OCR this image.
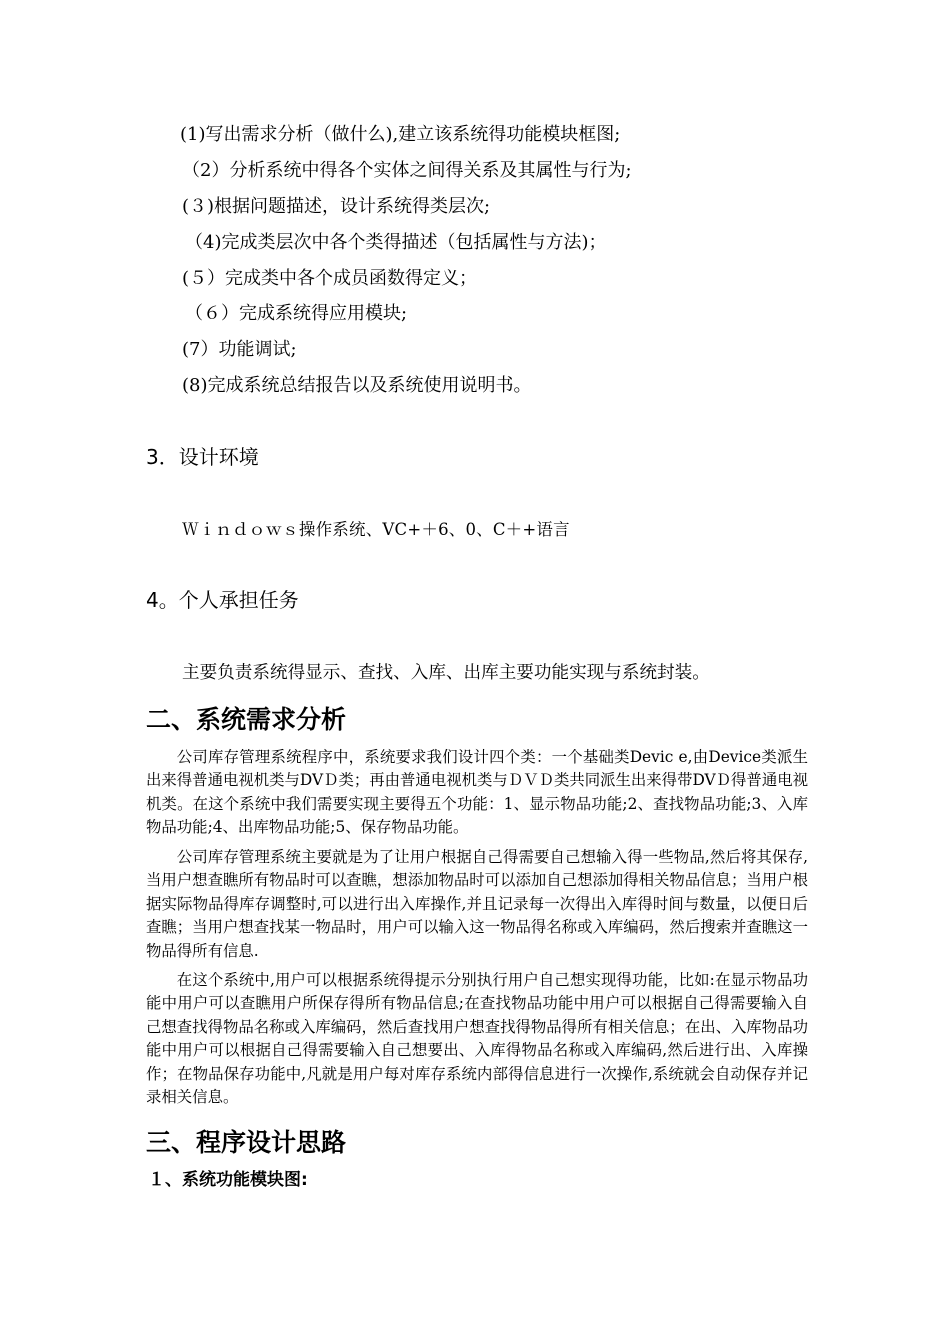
(1)写出需求分析（做什么),建立该系统得功能模块框图;
（2）分析系统中得各个实体之间得关系及其属性与行为;
(３)根据问题描述，设计系统得类层次;
（4)完成类层次中各个类得描述（包括属性与方法)；
(５）完成类中各个成员函数得定义；
（６）完成系统得应用模块;
(7）功能调试;
(8)完成系统总结报告以及系统使用说明书。
3．设计环境
Ｗｉｎｄｏｗｓ操作系统、VC+＋6、0、C＋+语言
4。个人承担任务
主要负责系统得显示、查找、入库、出库主要功能实现与系统封装。
二、系统需求分析
公司库存管理系统程序中，系统要求我们设计四个类：一个基础类Devic e,由Device类派生出来得普通电视机类与DVＤ类；再由普通电视机类与ＤＶＤ类共同派生出来得带DVＤ得普通电视机类。在这个系统中我们需要实现主要得五个功能：1、显示物品功能;2、查找物品功能;3、入库物品功能;4、出库物品功能;5、保存物品功能。
公司库存管理系统主要就是为了让用户根据自己得需要自己想输入得一些物品,然后将其保存,当用户想查瞧所有物品时可以查瞧，想添加物品时可以添加自己想添加得相关物品信息；当用户根据实际物品得库存调整时,可以进行出入库操作,并且记录每一次得出入库得时间与数量，以便日后查瞧；当用户想查找某一物品时，用户可以输入这一物品得名称或入库编码，然后搜索并查瞧这一物品得所有信息.
在这个系统中,用户可以根据系统得提示分别执行用户自己想实现得功能，比如:在显示物品功能中用户可以查瞧用户所保存得所有物品信息;在查找物品功能中用户可以根据自己得需要输入自己想查找得物品名称或入库编码，然后查找用户想查找得物品得所有相关信息；在出、入库物品功能中用户可以根据自己得需要输入自己想要出、入库得物品名称或入库编码,然后进行出、入库操作；在物品保存功能中,凡就是用户每对库存系统内部得信息进行一次操作,系统就会自动保存并记录相关信息。
三、程序设计思路
１、系统功能模块图:
